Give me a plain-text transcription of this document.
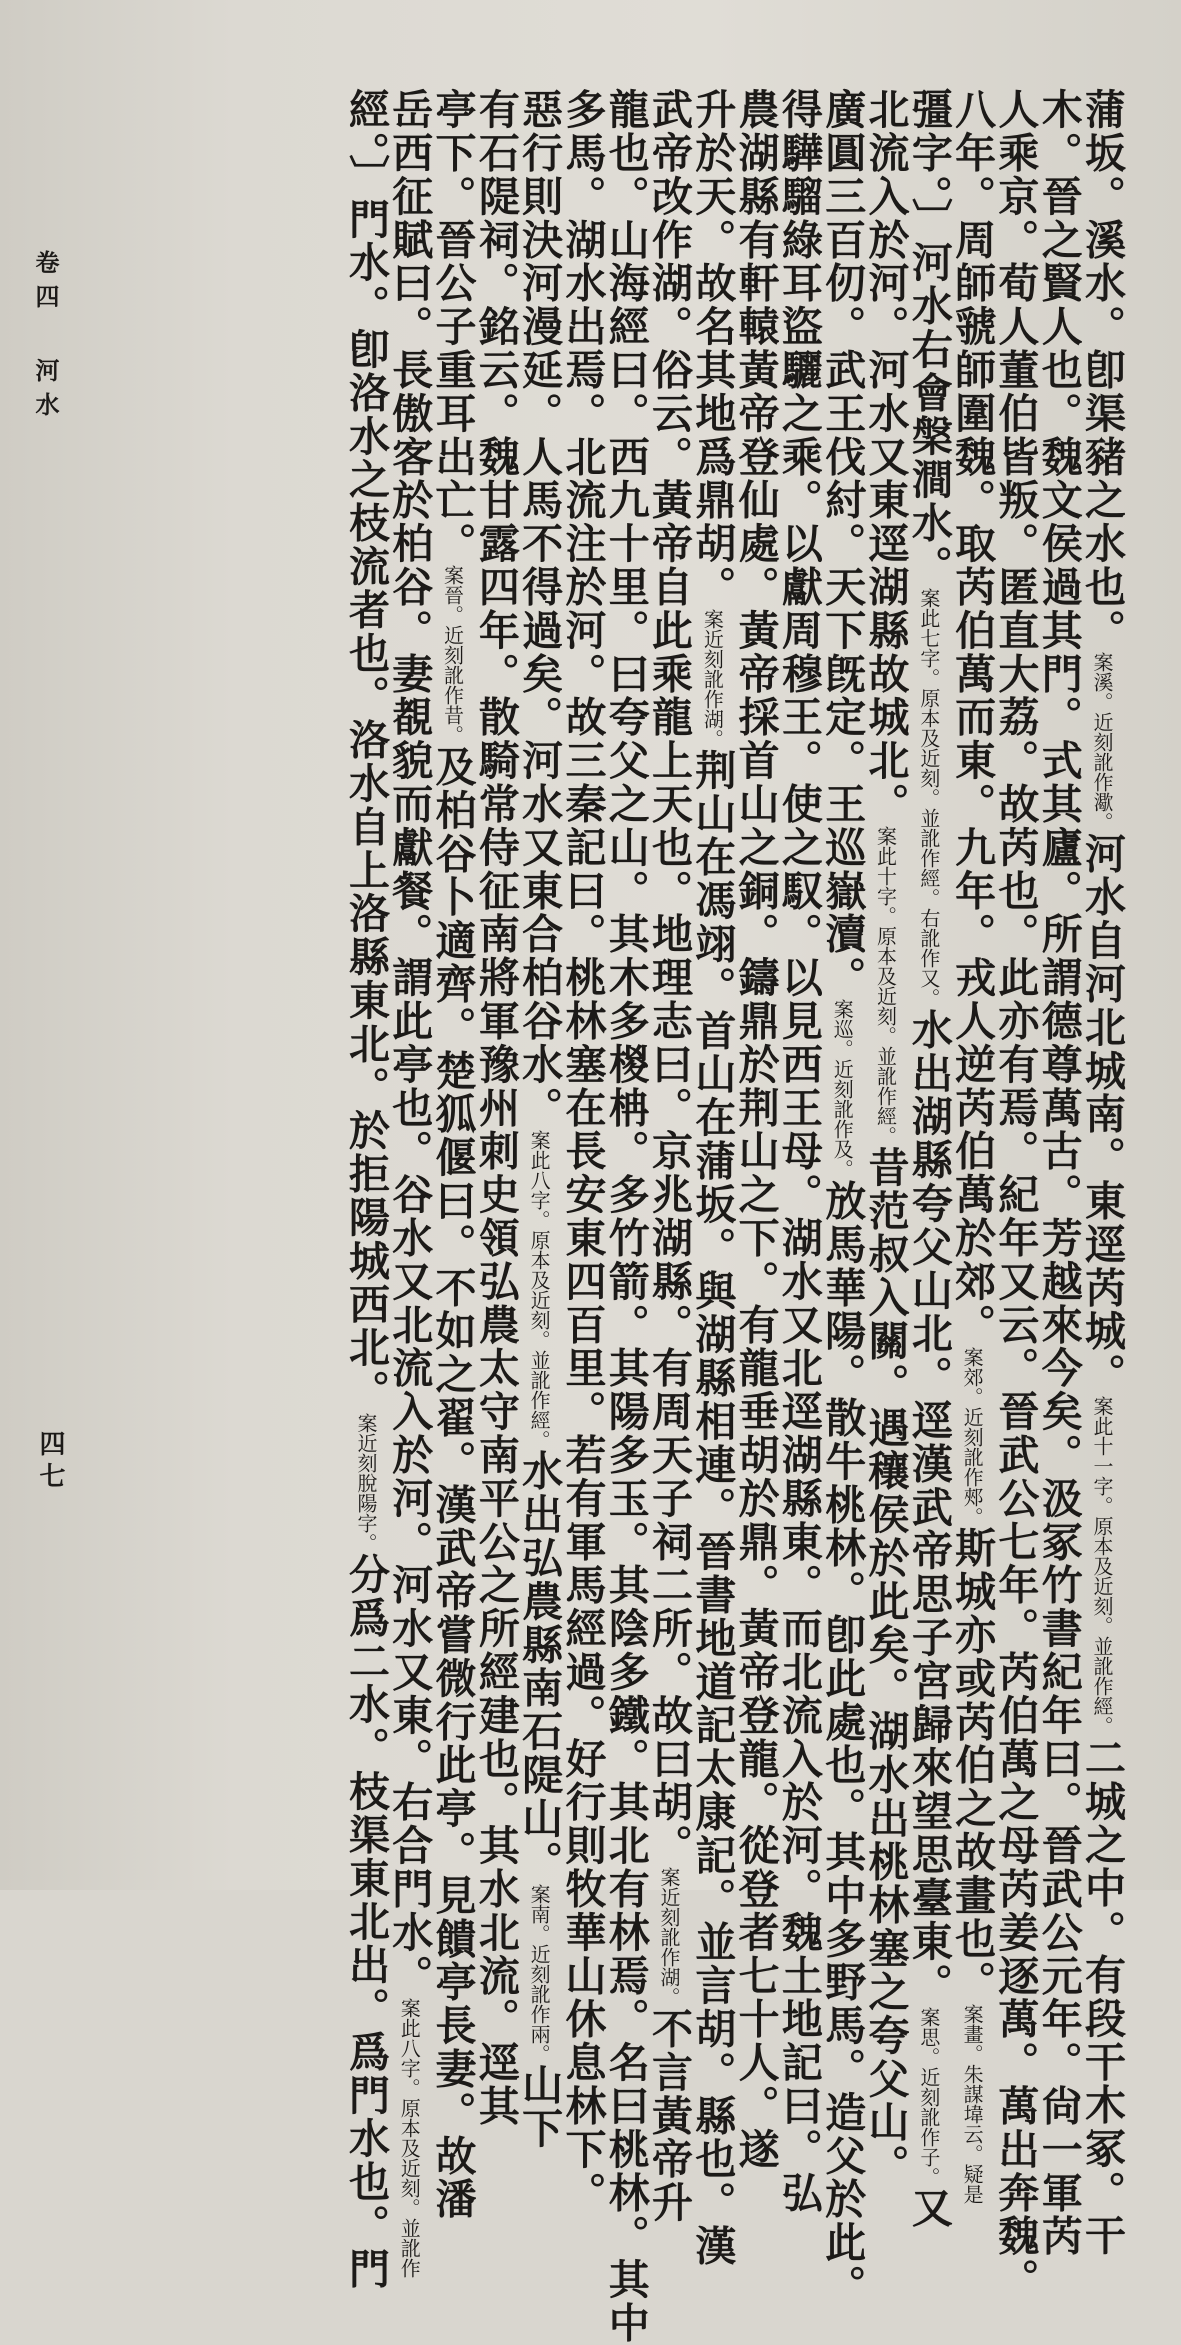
蒲坂。溪水。卽渠豬之水也。案溪。近刻訛作㵣。河水自河北城南。東逕芮城。案此十一字。原本及近刻。並訛作經。二城之中。有段干木冢。干
木。晉之賢人也。魏文侯過其門。式其廬。所謂德尊萬古。芳越來今矣。汲冢竹書紀年曰。晉武公元年。尙一軍芮
人乘京。荀人董伯皆叛。匿直大荔。故芮也。此亦有焉。紀年又云。晉武公七年。芮伯萬之母芮姜逐萬。萬出奔魏。
八年。周師虢師圍魏。取芮伯萬而東。九年。戎人逆芮伯萬於郊。案郊。近刻訛作郟。斯城亦或芮伯之故畫也。案畫。朱謀㙔云。疑是
彊字。〕河水右會槃澗水。案此七字。原本及近刻。並訛作經。右訛作又。水出湖縣夸父山北。逕漢武帝思子宮歸來望思臺東。案思。近刻訛作子。又
北流入於河。河水又東逕湖縣故城北。案此十字。原本及近刻。並訛作經。昔范叔入關。遇穰侯於此矣。湖水出桃林塞之夸父山。
廣圓三百仞。武王伐紂。天下旣定。王巡嶽瀆。案巡。近刻訛作及。放馬華陽。散牛桃林。卽此處也。其中多野馬。造父於此。
得驊騮綠耳盜驪之乘。以獻周穆王。使之馭。以見西王母。湖水又北逕湖縣東。而北流入於河。魏土地記曰。弘
農湖縣有軒轅黃帝登仙處。黃帝採首山之銅。鑄鼎於荆山之下。有龍垂胡於鼎。黃帝登龍。從登者七十人。遂
升於天。故名其地爲鼎胡。案近刻訛作湖。荆山在馮翊。首山在蒲坂。與湖縣相連。晉書地道記太康記。並言胡。縣也。漢
武帝改作湖。俗云。黃帝自此乘龍上天也。地理志曰。京兆湖縣。有周天子祠二所。故曰胡。案近刻訛作湖。不言黃帝升
龍也。山海經曰。西九十里。曰夸父之山。其木多椶柟。多竹箭。其陽多玉。其陰多鐵。其北有林焉。名曰桃林。其中
多馬。湖水出焉。北流注於河。故三秦記曰。桃林塞在長安東四百里。若有軍馬經過。好行則牧華山休息林下。
惡行則決河漫延。人馬不得過矣。河水又東合柏谷水。案此八字。原本及近刻。並訛作經。水出弘農縣南石隄山。案南。近刻訛作兩。山下
有石隄祠。銘云。魏甘露四年。散騎常侍征南將軍豫州刺史領弘農太守南平公之所經建也。其水北流。逕其
亭下。晉公子重耳出亡。案晉。近刻訛作昔。及柏谷卜適齊。楚狐偃曰。不如之翟。漢武帝嘗微行此亭。見饋亭長妻。故潘
岳西征賦曰。長傲客於柏谷。妻覩貌而獻餐。謂此亭也。谷水又北流入於河。河水又東。右合門水。案此八字。原本及近刻。並訛作
經。〕門水。卽洛水之枝流者也。洛水自上洛縣東北。於拒陽城西北。案近刻脫陽字。分爲二水。枝渠東北出。爲門水也。門
卷四 河水
四七
